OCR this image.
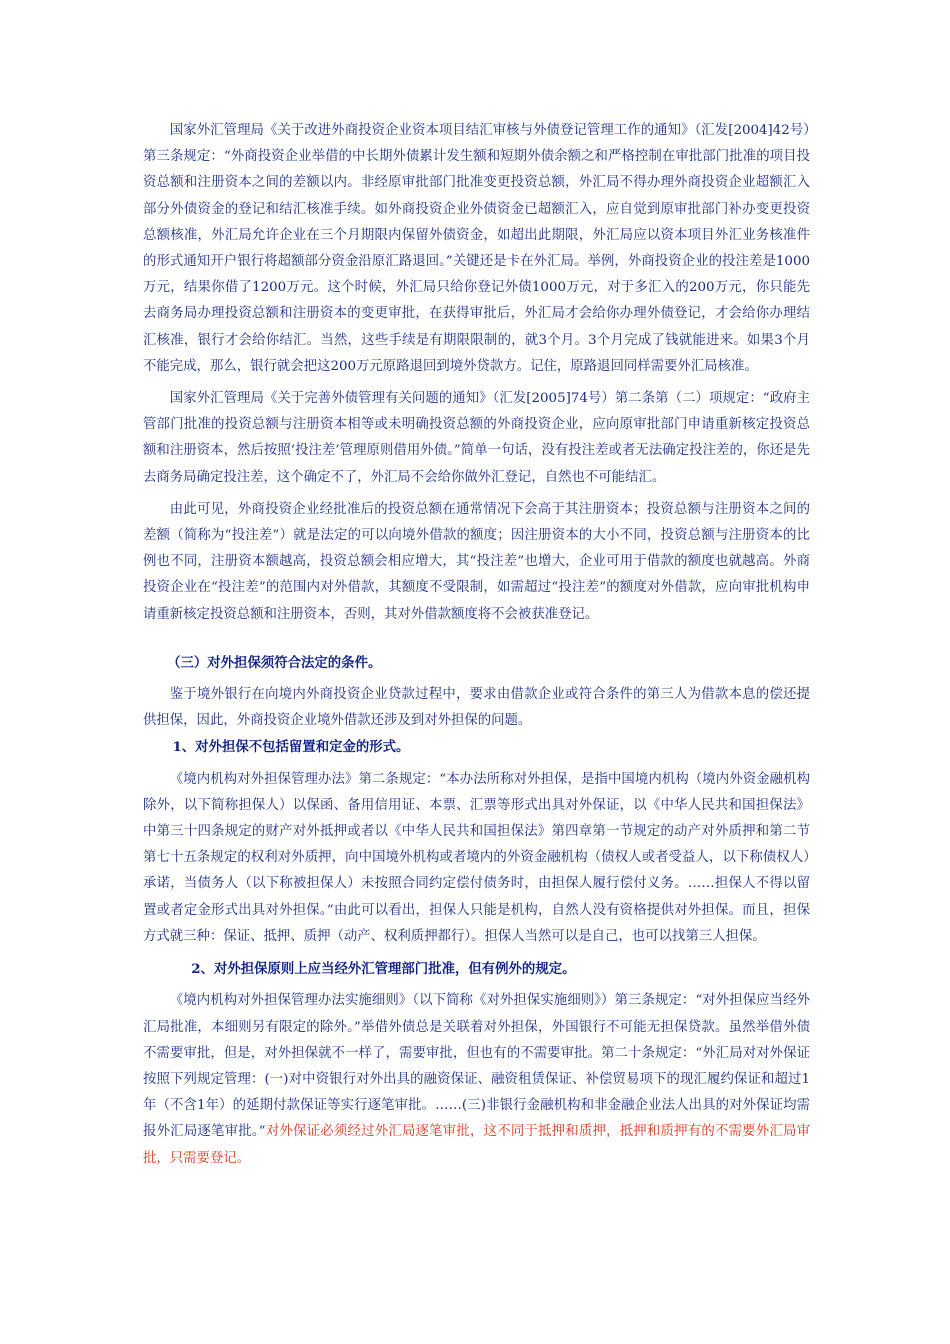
国家外汇管理局《关于改进外商投资企业资本项目结汇审核与外债登记管理工作的通知》（汇发[2004]42号）第三条规定：“外商投资企业举借的中长期外债累计发生额和短期外债余额之和严格控制在审批部门批准的项目投资总额和注册资本之间的差额以内。非经原审批部门批准变更投资总额，外汇局不得办理外商投资企业超额汇入部分外债资金的登记和结汇核准手续。如外商投资企业外债资金已超额汇入，应自觉到原审批部门补办变更投资总额核准，外汇局允许企业在三个月期限内保留外债资金，如超出此期限，外汇局应以资本项目外汇业务核准件的形式通知开户银行将超额部分资金沿原汇路退回。”关键还是卡在外汇局。举例，外商投资企业的投注差是1000万元，结果你借了1200万元。这个时候，外汇局只给你登记外债1000万元，对于多汇入的200万元，你只能先去商务局办理投资总额和注册资本的变更审批，在获得审批后，外汇局才会给你办理外债登记，才会给你办理结汇核准，银行才会给你结汇。当然，这些手续是有期限限制的，就3个月。3个月完成了钱就能进来。如果3个月不能完成，那么，银行就会把这200万元原路退回到境外贷款方。记住，原路退回同样需要外汇局核准。

国家外汇管理局《关于完善外债管理有关问题的通知》（汇发[2005]74号）第二条第（二）项规定：“政府主管部门批准的投资总额与注册资本相等或未明确投资总额的外商投资企业，应向原审批部门申请重新核定投资总额和注册资本，然后按照‘投注差’管理原则借用外债。”简单一句话，没有投注差或者无法确定投注差的，你还是先去商务局确定投注差，这个确定不了，外汇局不会给你做外汇登记，自然也不可能结汇。

由此可见，外商投资企业经批准后的投资总额在通常情况下会高于其注册资本；投资总额与注册资本之间的差额（简称为“投注差”）就是法定的可以向境外借款的额度；因注册资本的大小不同，投资总额与注册资本的比例也不同，注册资本额越高，投资总额会相应增大，其“投注差”也增大，企业可用于借款的额度也就越高。外商投资企业在“投注差”的范围内对外借款，其额度不受限制，如需超过“投注差”的额度对外借款，应向审批机构申请重新核定投资总额和注册资本，否则，其对外借款额度将不会被获准登记。

（三）对外担保须符合法定的条件。

鉴于境外银行在向境内外商投资企业贷款过程中，要求由借款企业或符合条件的第三人为借款本息的偿还提供担保，因此，外商投资企业境外借款还涉及到对外担保的问题。

1、对外担保不包括留置和定金的形式。

《境内机构对外担保管理办法》第二条规定：“本办法所称对外担保，是指中国境内机构（境内外资金融机构除外，以下简称担保人）以保函、备用信用证、本票、汇票等形式出具对外保证，以《中华人民共和国担保法》中第三十四条规定的财产对外抵押或者以《中华人民共和国担保法》第四章第一节规定的动产对外质押和第二节第七十五条规定的权利对外质押，向中国境外机构或者境内的外资金融机构（债权人或者受益人，以下称债权人）承诺，当债务人（以下称被担保人）未按照合同约定偿付债务时，由担保人履行偿付义务。……担保人不得以留置或者定金形式出具对外担保。”由此可以看出，担保人只能是机构，自然人没有资格提供对外担保。而且，担保方式就三种：保证、抵押、质押（动产、权利质押都行）。担保人当然可以是自己，也可以找第三人担保。

2、对外担保原则上应当经外汇管理部门批准，但有例外的规定。

《境内机构对外担保管理办法实施细则》（以下简称《对外担保实施细则》）第三条规定：“对外担保应当经外汇局批准，本细则另有限定的除外。”举借外债总是关联着对外担保，外国银行不可能无担保贷款。虽然举借外债不需要审批，但是，对外担保就不一样了，需要审批，但也有的不需要审批。第二十条规定：“外汇局对对外保证按照下列规定管理：(一)对中资银行对外出具的融资保证、融资租赁保证、补偿贸易项下的现汇履约保证和超过1年（不含1年）的延期付款保证等实行逐笔审批。……(三)非银行金融机构和非金融企业法人出具的对外保证均需报外汇局逐笔审批。”对外保证必须经过外汇局逐笔审批，这不同于抵押和质押，抵押和质押有的不需要外汇局审批，只需要登记。
